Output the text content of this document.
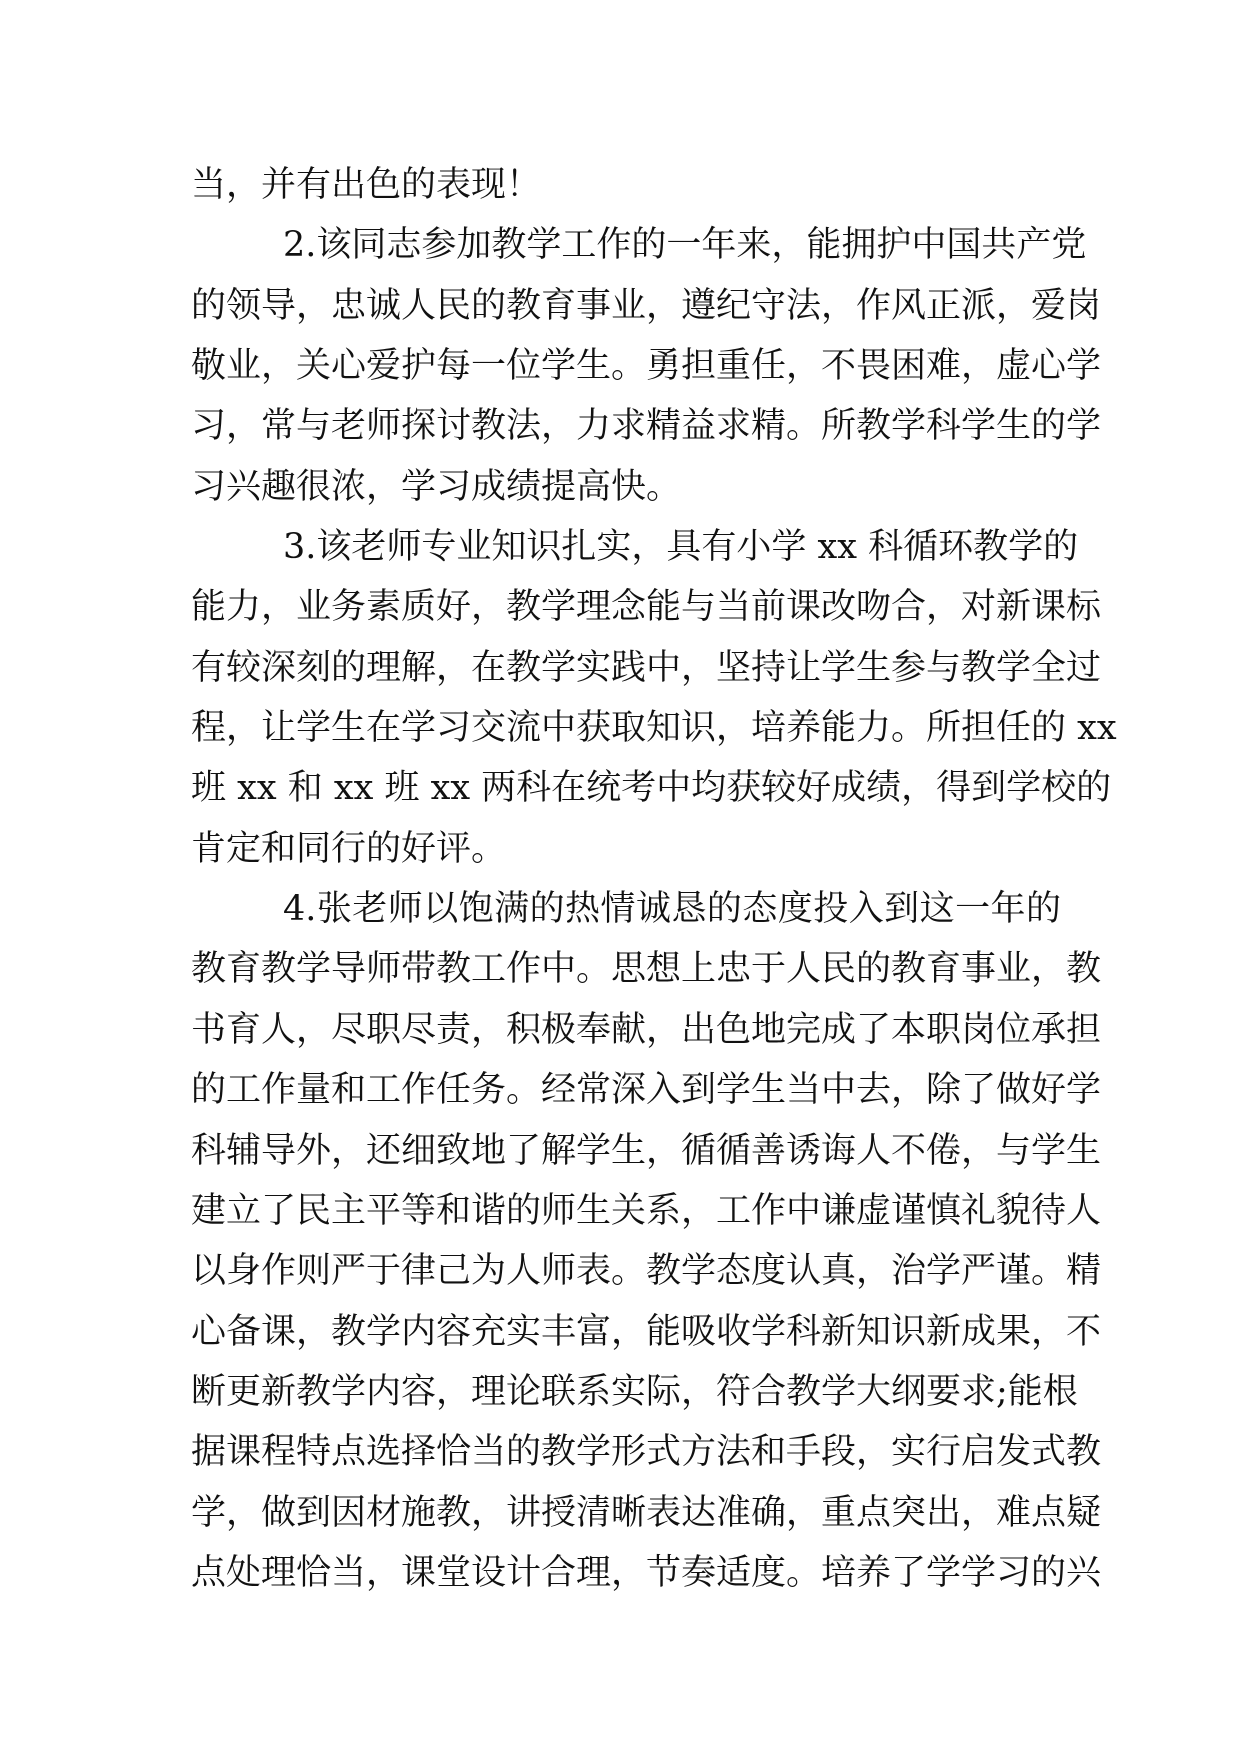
当，并有出色的表现！
2.该同志参加教学工作的一年来，能拥护中国共产党
的领导，忠诚人民的教育事业，遵纪守法，作风正派，爱岗
敬业，关心爱护每一位学生。勇担重任，不畏困难，虚心学
习，常与老师探讨教法，力求精益求精。所教学科学生的学
习兴趣很浓，学习成绩提高快。
3.该老师专业知识扎实，具有小学 xx 科循环教学的
能力，业务素质好，教学理念能与当前课改吻合，对新课标
有较深刻的理解，在教学实践中，坚持让学生参与教学全过
程，让学生在学习交流中获取知识，培养能力。所担任的 xx
班 xx 和 xx 班 xx 两科在统考中均获较好成绩，得到学校的
肯定和同行的好评。
4.张老师以饱满的热情诚恳的态度投入到这一年的
教育教学导师带教工作中。思想上忠于人民的教育事业，教
书育人，尽职尽责，积极奉献，出色地完成了本职岗位承担
的工作量和工作任务。经常深入到学生当中去，除了做好学
科辅导外，还细致地了解学生，循循善诱诲人不倦，与学生
建立了民主平等和谐的师生关系，工作中谦虚谨慎礼貌待人
以身作则严于律己为人师表。教学态度认真，治学严谨。精
心备课，教学内容充实丰富，能吸收学科新知识新成果，不
断更新教学内容，理论联系实际，符合教学大纲要求;能根
据课程特点选择恰当的教学形式方法和手段，实行启发式教
学，做到因材施教，讲授清晰表达准确，重点突出，难点疑
点处理恰当，课堂设计合理，节奏适度。培养了学学习的兴
